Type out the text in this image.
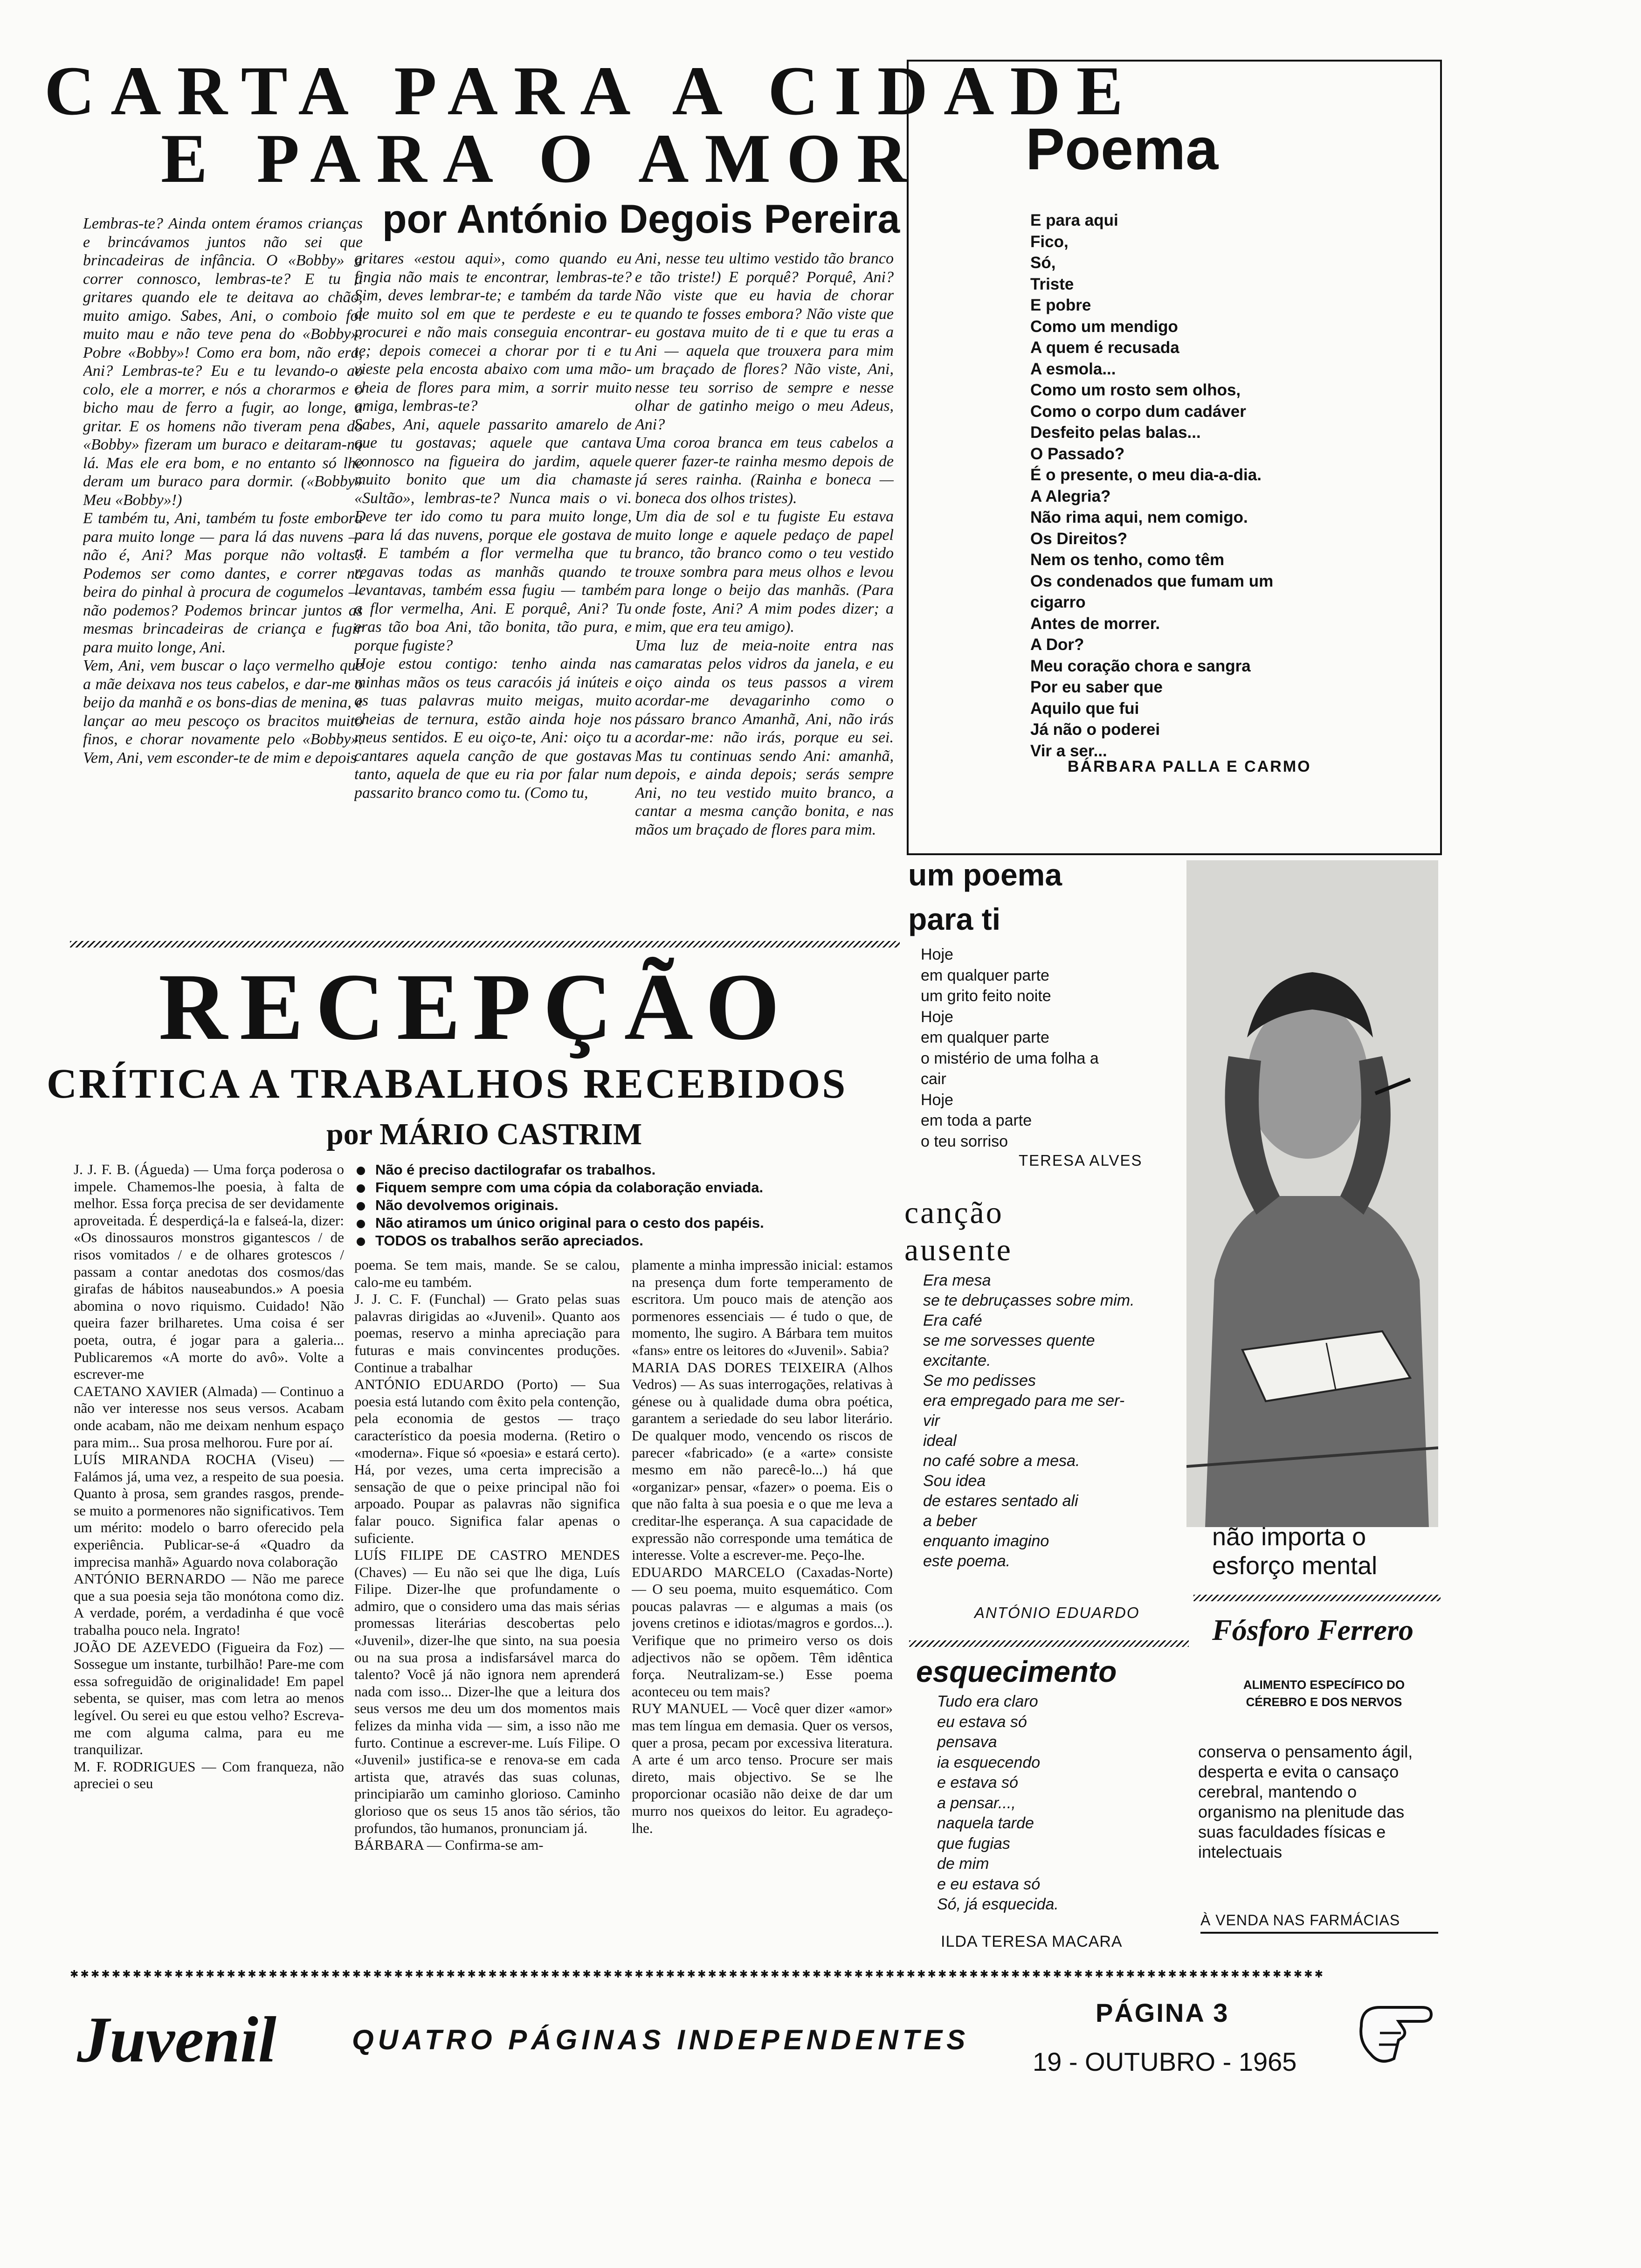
CARTA PARA A CIDADE
E PARA O AMOR
por António Degois Pereira
Lembras-te? Ainda ontem éramos crianças e brincávamos juntos não sei que brincadeiras de infância. O «Bobby» a correr connosco, lembras-te? E tu a gritares quando ele te deitava ao chão, muito amigo. Sabes, Ani, o comboio foi muito mau e não teve pena do «Bobby». Pobre «Bobby»! Como era bom, não era, Ani? Lembras-te? Eu e tu levando-o ao colo, ele a morrer, e nós a chorarmos e o bicho mau de ferro a fugir, ao longe, a gritar. E os homens não tiveram pena do «Bobby» fizeram um buraco e deitaram-no lá. Mas ele era bom, e no entanto só lhe deram um buraco para dormir. («Bobby» Meu «Bobby»!)
E também tu, Ani, também tu foste embora para muito longe — para lá das nuvens — não é, Ani? Mas porque não voltas? Podemos ser como dantes, e correr na beira do pinhal à procura de cogumelos — não podemos? Podemos brincar juntos as mesmas brincadeiras de criança e fugir para muito longe, Ani.
Vem, Ani, vem buscar o laço vermelho que a mãe deixava nos teus cabelos, e dar-me o beijo da manhã e os bons-dias de menina, e lançar ao meu pescoço os bracitos muito finos, e chorar novamente pelo «Bobby». Vem, Ani, vem esconder-te de mim e depois
gritares «estou aqui», como quando eu fingia não mais te encontrar, lembras-te? Sim, deves lembrar-te; e também da tarde de muito sol em que te perdeste e eu te procurei e não mais conseguia encontrar-te; depois comecei a chorar por ti e tu vieste pela encosta abaixo com uma mão-cheia de flores para mim, a sorrir muito amiga, lembras-te?
Sabes, Ani, aquele passarito amarelo de que tu gostavas; aquele que cantava connosco na figueira do jardim, aquele muito bonito que um dia chamaste «Sultão», lembras-te? Nunca mais o vi. Deve ter ido como tu para muito longe, para lá das nuvens, porque ele gostava de ti. E também a flor vermelha que tu regavas todas as manhãs quando te levantavas, também essa fugiu — também a flor vermelha, Ani. E porquê, Ani? Tu eras tão boa Ani, tão bonita, tão pura, e porque fugiste?
Hoje estou contigo: tenho ainda nas minhas mãos os teus caracóis já inúteis e as tuas palavras muito meigas, muito cheias de ternura, estão ainda hoje nos meus sentidos. E eu oiço-te, Ani: oiço tu a cantares aquela canção de que gostavas tanto, aquela de que eu ria por falar num passarito branco como tu. (Como tu,
Ani, nesse teu ultimo vestido tão branco e tão triste!) E porquê? Porquê, Ani? Não viste que eu havia de chorar quando te fosses embora? Não viste que eu gostava muito de ti e que tu eras a Ani — aquela que trouxera para mim um braçado de flores? Não viste, Ani, nesse teu sorriso de sempre e nesse olhar de gatinho meigo o meu Adeus, Ani?
Uma coroa branca em teus cabelos a querer fazer-te rainha mesmo depois de já seres rainha. (Rainha e boneca — boneca dos olhos tristes).
Um dia de sol e tu fugiste Eu estava muito longe e aquele pedaço de papel branco, tão branco como o teu vestido trouxe sombra para meus olhos e levou para longe o beijo das manhãs. (Para onde foste, Ani? A mim podes dizer; a mim, que era teu amigo).
Uma luz de meia-noite entra nas camaratas pelos vidros da janela, e eu oiço ainda os teus passos a virem acordar-me devagarinho como o pássaro branco Amanhã, Ani, não irás acordar-me: não irás, porque eu sei. Mas tu continuas sendo Ani: amanhã, depois, e ainda depois; serás sempre Ani, no teu vestido muito branco, a cantar a mesma canção bonita, e nas mãos um braçado de flores para mim.
Poema
E para aqui
Fico,
Só,
Triste
E pobre
Como um mendigo
A quem é recusada
A esmola...
Como um rosto sem olhos,
Como o corpo dum cadáver
Desfeito pelas balas...
O Passado?
É o presente, o meu dia-a-dia.
A Alegria?
Não rima aqui, nem comigo.
Os Direitos?
Nem os tenho, como têm
Os condenados que fumam um
cigarro
Antes de morrer.
A Dor?
Meu coração chora e sangra
Por eu saber que
Aquilo que fui
Já não o poderei
Vir a ser...
BÁRBARA PALLA E CARMO
um poema
para ti
Hoje
em qualquer parte
um grito feito noite
Hoje
em qualquer parte
o mistério de uma folha a
cair
Hoje
em toda a parte
o teu sorriso
TERESA ALVES
canção
ausente
Era mesa
se te debruçasses sobre mim.
Era café
se me sorvesses quente
excitante.
Se mo pedisses
era empregado para me ser-
vir
ideal
no café sobre a mesa.
Sou idea
de estares sentado ali
a beber
enquanto imagino
este poema.
ANTÓNIO EDUARDO
esquecimento
Tudo era claro
eu estava só
pensava
ia esquecendo
e estava só
a pensar...,
naquela tarde
que fugias
de mim
e eu estava só
Só, já esquecida.
ILDA TERESA MACARA
não importa o esforço mental
Fósforo Ferrero
ALIMENTO ESPECÍFICO DO CÉREBRO E DOS NERVOS
conserva o pensamento ágil, desperta e evita o cansaço cerebral, mantendo o organismo na plenitude das suas faculdades físicas e intelectuais
À VENDA NAS FARMÁCIAS
RECEPÇÃO
CRÍTICA A TRABALHOS RECEBIDOS
por MÁRIO CASTRIM
Não é preciso dactilografar os trabalhos.
Fiquem sempre com uma cópia da colaboração enviada.
Não devolvemos originais.
Não atiramos um único original para o cesto dos papéis.
TODOS os trabalhos serão apreciados.
J. J. F. B. (Águeda) — Uma força poderosa o impele. Chamemos-lhe poesia, à falta de melhor. Essa força precisa de ser devidamente aproveitada. É desperdiçá-la e falseá-la, dizer: «Os dinossauros monstros gigantescos / de risos vomitados / e de olhares grotescos / passam a contar anedotas dos cosmos/das girafas de hábitos nauseabundos.» A poesia abomina o novo riquismo. Cuidado! Não queira fazer brilharetes. Uma coisa é ser poeta, outra, é jogar para a galeria... Publicaremos «A morte do avô». Volte a escrever-me
CAETANO XAVIER (Almada) — Continuo a não ver interesse nos seus versos. Acabam onde acabam, não me deixam nenhum espaço para mim... Sua prosa melhorou. Fure por aí.
LUÍS MIRANDA ROCHA (Viseu) — Falámos já, uma vez, a respeito de sua poesia. Quanto à prosa, sem grandes rasgos, prende-se muito a pormenores não significativos. Tem um mérito: modelo o barro oferecido pela experiência. Publicar-se-á «Quadro da imprecisa manhã» Aguardo nova colaboração
ANTÓNIO BERNARDO — Não me parece que a sua poesia seja tão monótona como diz. A verdade, porém, a verdadinha é que você trabalha pouco nela. Ingrato!
JOÃO DE AZEVEDO (Figueira da Foz) — Sossegue um instante, turbilhão! Pare-me com essa sofreguidão de originalidade! Em papel sebenta, se quiser, mas com letra ao menos legível. Ou serei eu que estou velho? Escreva-me com alguma calma, para eu me tranquilizar.
M. F. RODRIGUES — Com franqueza, não apreciei o seu
poema. Se tem mais, mande. Se se calou, calo-me eu também.
J. J. C. F. (Funchal) — Grato pelas suas palavras dirigidas ao «Juvenil». Quanto aos poemas, reservo a minha apreciação para futuras e mais convincentes produções. Continue a trabalhar
ANTÓNIO EDUARDO (Porto) — Sua poesia está lutando com êxito pela contenção, pela economia de gestos — traço característico da poesia moderna. (Retiro o «moderna». Fique só «poesia» e estará certo). Há, por vezes, uma certa imprecisão a sensação de que o peixe principal não foi arpoado. Poupar as palavras não significa falar pouco. Significa falar apenas o suficiente.
LUÍS FILIPE DE CASTRO MENDES (Chaves) — Eu não sei que lhe diga, Luís Filipe. Dizer-lhe que profundamente o admiro, que o considero uma das mais sérias promessas literárias descobertas pelo «Juvenil», dizer-lhe que sinto, na sua poesia ou na sua prosa a indisfarsável marca do talento? Você já não ignora nem aprenderá nada com isso... Dizer-lhe que a leitura dos seus versos me deu um dos momentos mais felizes da minha vida — sim, a isso não me furto. Continue a escrever-me. Luís Filipe. O «Juvenil» justifica-se e renova-se em cada artista que, através das suas colunas, principiarão um caminho glorioso. Caminho glorioso que os seus 15 anos tão sérios, tão profundos, tão humanos, pronunciam já.
BÁRBARA — Confirma-se am-
plamente a minha impressão inicial: estamos na presença dum forte temperamento de escritora. Um pouco mais de atenção aos pormenores essenciais — é tudo o que, de momento, lhe sugiro. A Bárbara tem muitos «fans» entre os leitores do «Juvenil». Sabia?
MARIA DAS DORES TEIXEIRA (Alhos Vedros) — As suas interrogações, relativas à génese ou à qualidade duma obra poética, garantem a seriedade do seu labor literário. De qualquer modo, vencendo os riscos de parecer «fabricado» (e a «arte» consiste mesmo em não parecê-lo...) há que «organizar» pensar, «fazer» o poema. Eis o que não falta à sua poesia e o que me leva a creditar-lhe esperança. A sua capacidade de expressão não corresponde uma temática de interesse. Volte a escrever-me. Peço-lhe.
EDUARDO MARCELO (Caxadas-Norte) — O seu poema, muito esquemático. Com poucas palavras — e algumas a mais (os jovens cretinos e idiotas/magros e gordos...). Verifique que no primeiro verso os dois adjectivos não se opõem. Têm idêntica força. Neutralizam-se.) Esse poema aconteceu ou tem mais?
RUY MANUEL — Você quer dizer «amor» mas tem língua em demasia. Quer os versos, quer a prosa, pecam por excessiva literatura. A arte é um arco tenso. Procure ser mais direto, mais objectivo. Se se lhe proporcionar ocasião não deixe de dar um murro nos queixos do leitor. Eu agradeço-lhe.
✱✱✱✱✱✱✱✱✱✱✱✱✱✱✱✱✱✱✱✱✱✱✱✱✱✱✱✱✱✱✱✱✱✱✱✱✱✱✱✱✱✱✱✱✱✱✱✱✱✱✱✱✱✱✱✱✱✱✱✱✱✱✱✱✱✱✱✱✱✱✱✱✱✱✱✱✱✱✱✱✱✱✱✱✱✱✱✱✱✱✱✱✱✱✱✱✱✱✱✱✱✱✱✱✱✱✱✱✱✱✱✱✱✱✱✱✱✱✱✱
Juvenil	QUATRO PÁGINAS INDEPENDENTES
PÁGINA 3
19 - OUTUBRO - 1965
